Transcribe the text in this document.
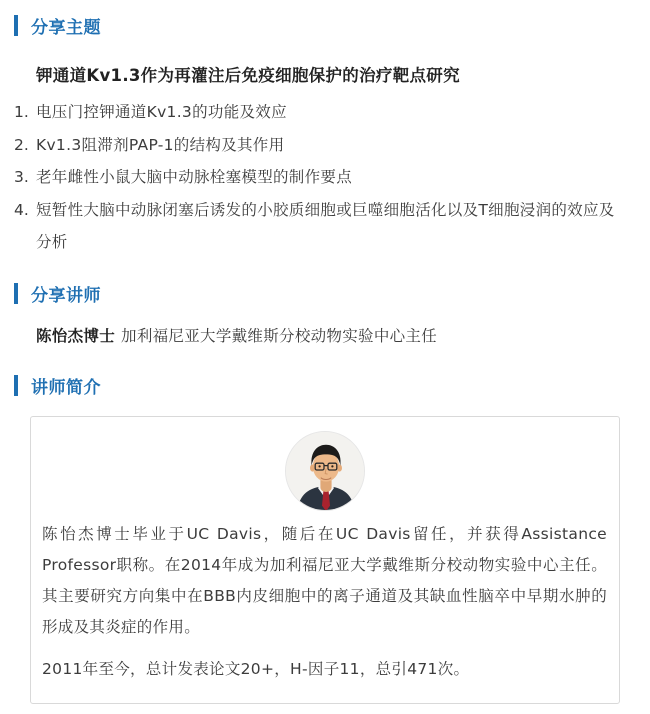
分享主题
钾通道Kv1.3作为再灌注后免疫细胞保护的治疗靶点研究
1. 电压门控钾通道Kv1.3的功能及效应
2. Kv1.3阻滞剂PAP-1的结构及其作用
3. 老年雌性小鼠大脑中动脉栓塞模型的制作要点
4. 短暂性大脑中动脉闭塞后诱发的小胶质细胞或巨噬细胞活化以及T细胞浸润的效应及分析
分享讲师

陈怡杰博士 加利福尼亚大学戴维斯分校动物实验中心主任

讲师简介

陈怡杰博士毕业于UC Davis，随后在UC Davis留任，并获得Assistance Professor职称。在2014年成为加利福尼亚大学戴维斯分校动物实验中心主任。其主要研究方向集中在BBB内皮细胞中的离子通道及其缺血性脑卒中早期水肿的形成及其炎症的作用。

2011年至今，总计发表论文20+，H-因子11，总引471次。
